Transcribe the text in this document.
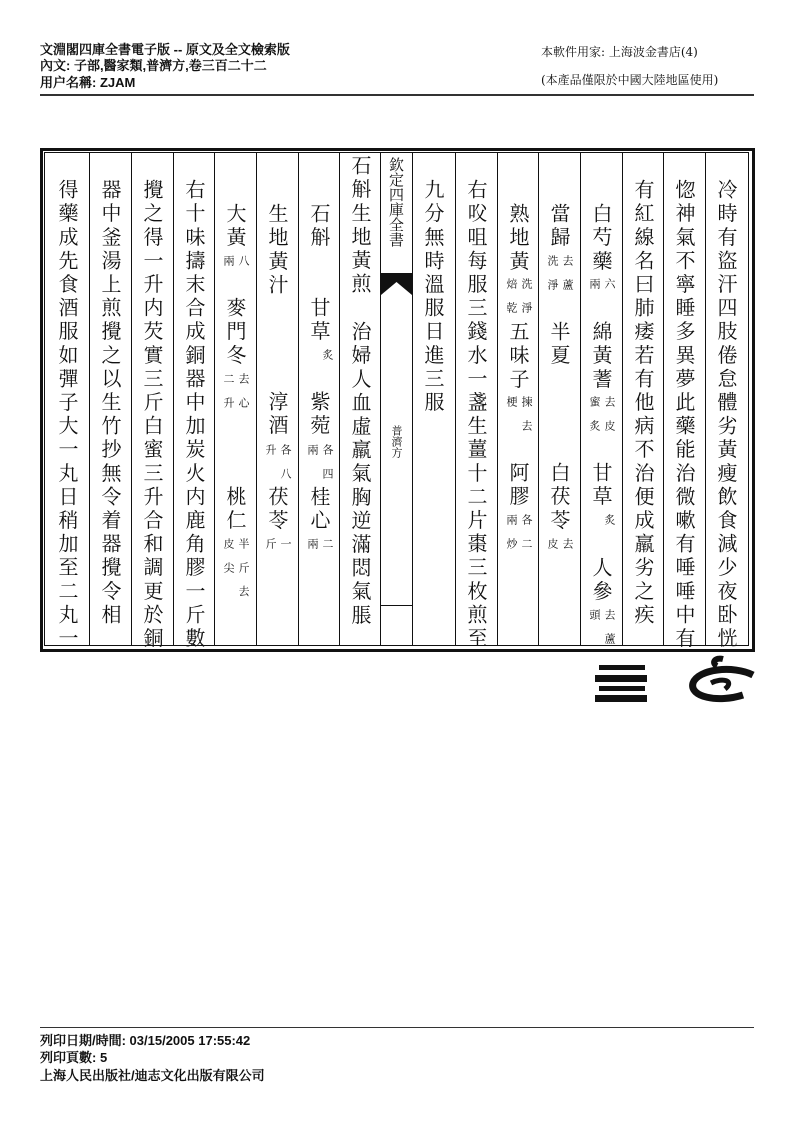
文淵閣四庫全書電子版 -- 原文及全文檢索版
內文: 子部,醫家類,普濟方,卷三百二十二
用户名稱: ZJAM
本軟件用家: 上海波金書店(4)
(本產品僅限於中國大陸地區使用)
欽定四庫全書
普濟方	冷時有盜汗四肢倦怠體劣黃瘦飲食減少夜卧恍
惚神氣不寧睡多異夢此藥能治微嗽有唾唾中有
有紅線名曰肺痿若有他病不治便成羸劣之疾
白芍藥
六
兩
綿黃蓍
去皮
蜜炙
甘草
炙
人參
去蘆
頭
當歸
去蘆
洗淨
半夏
白茯苓
去
皮
熟地黃
洗淨
焙乾
五味子
揀去
梗
阿膠
各二
兩炒
右㕮咀每服三錢水一盞生薑十二片棗三枚煎至
九分無時溫服日進三服
石斛生地黃煎
治婦人血虛羸氣胸逆滿悶氣脹
石斛
甘草
炙
紫菀
各四
兩
桂心
二
兩
生地黃汁
淳酒
各八
升
茯苓
一
斤
大黃
八
兩
麥門冬
去心
二升
桃仁
半斤去
皮尖
右十味擣末合成銅器中加炭火内鹿角膠一斤數
攪之得一升内芡實三斤白蜜三升合和調更於銅
器中釜湯上煎攪之以生竹抄無令着器攪令相
得藥成先食酒服如彈子大一丸日稍加至二丸一
列印日期/時間: 03/15/2005 17:55:42
列印頁數: 5
上海人民出版社/迪志文化出版有限公司
